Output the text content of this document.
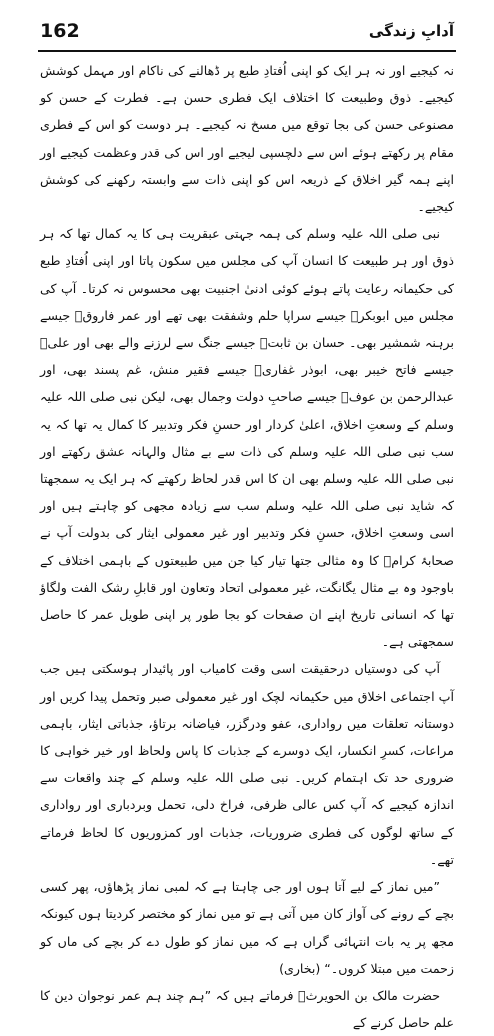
162	آدابِ زندگی

نہ کیجیے اور نہ ہر ایک کو اپنی اُفتادِ طبع پر ڈھالنے کی ناکام اور مہمل کوشش کیجیے۔ ذوق وطبیعت کا اختلاف ایک فطری حسن ہے۔ فطرت کے حسن کو مصنوعی حسن کی بجا توقع میں مسخ نہ کیجیے۔ ہر دوست کو اس کے فطری مقام پر رکھتے ہوئے اس سے دلچسپی لیجیے اور اس کی قدر وعظمت کیجیے اور اپنے ہمہ گیر اخلاق کے ذریعہ اس کو اپنی ذات سے وابستہ رکھنے کی کوشش کیجیے۔

نبی صلی اللہ علیہ وسلم کی ہمہ جہتی عبقریت ہی کا یہ کمال تھا کہ ہر ذوق اور ہر طبیعت کا انسان آپ کی مجلس میں سکون پاتا اور اپنی اُفتادِ طبع کی حکیمانہ رعایت پاتے ہوئے کوئی ادنیٰ اجنبیت بھی محسوس نہ کرتا۔ آپ کی مجلس میں ابوبکرؓ جیسے سراپا حلم وشفقت بھی تھے اور عمر فاروقؓ جیسے برہنہ شمشیر بھی۔ حسان بن ثابتؓ جیسے جنگ سے لرزنے والے بھی اور علیؓ جیسے فاتح خیبر بھی، ابوذر غفاریؓ جیسے فقیر منش، غم پسند بھی، اور عبدالرحمن بن عوفؓ جیسے صاحبِ دولت وجمال بھی، لیکن نبی صلی اللہ علیہ وسلم کے وسعتِ اخلاق، اعلیٰ کردار اور حسنِ فکر وتدبیر کا کمال یہ تھا کہ یہ سب نبی صلی اللہ علیہ وسلم کی ذات سے بے مثال والہانہ عشق رکھتے اور نبی صلی اللہ علیہ وسلم بھی ان کا اس قدر لحاظ رکھتے کہ ہر ایک یہ سمجھتا کہ شاید نبی صلی اللہ علیہ وسلم سب سے زیادہ مجھی کو چاہتے ہیں اور اسی وسعتِ اخلاق، حسنِ فکر وتدبیر اور غیر معمولی ایثار کی بدولت آپ نے صحابۂ کرامؓ کا وہ مثالی جتھا تیار کیا جن میں طبیعتوں کے باہمی اختلاف کے باوجود وہ بے مثال یگانگت، غیر معمولی اتحاد وتعاون اور قابلِ رشک الفت ولگاؤ تھا کہ انسانی تاریخ اپنے ان صفحات کو بجا طور پر اپنی طویل عمر کا حاصل سمجھتی ہے۔

آپ کی دوستیاں درحقیقت اسی وقت کامیاب اور پائیدار ہوسکتی ہیں جب آپ اجتماعی اخلاق میں حکیمانہ لچک اور غیر معمولی صبر وتحمل پیدا کریں اور دوستانہ تعلقات میں رواداری، عفو ودرگزر، فیاضانہ برتاؤ، جذباتی ایثار، باہمی مراعات، کسرِ انکسار، ایک دوسرے کے جذبات کا پاس ولحاظ اور خیر خواہی کا ضروری حد تک اہتمام کریں۔ نبی صلی اللہ علیہ وسلم کے چند واقعات سے اندازہ کیجیے کہ آپ کس عالی ظرفی، فراخ دلی، تحمل وبردباری اور رواداری کے ساتھ لوگوں کی فطری ضروریات، جذبات اور کمزوریوں کا لحاظ فرماتے تھے۔

”میں نماز کے لیے آتا ہوں اور جی چاہتا ہے کہ لمبی نماز پڑھاؤں، پھر کسی بچے کے رونے کی آواز کان میں آتی ہے تو میں نماز کو مختصر کردیتا ہوں کیونکہ مجھ پر یہ بات انتہائی گراں ہے کہ میں نماز کو طول دے کر بچے کی ماں کو زحمت میں مبتلا کروں۔“ (بخاری)

حضرت مالک بن الحویرثؓ فرماتے ہیں کہ ”ہم چند ہم عمر نوجوان دین کا علم حاصل کرنے کے
